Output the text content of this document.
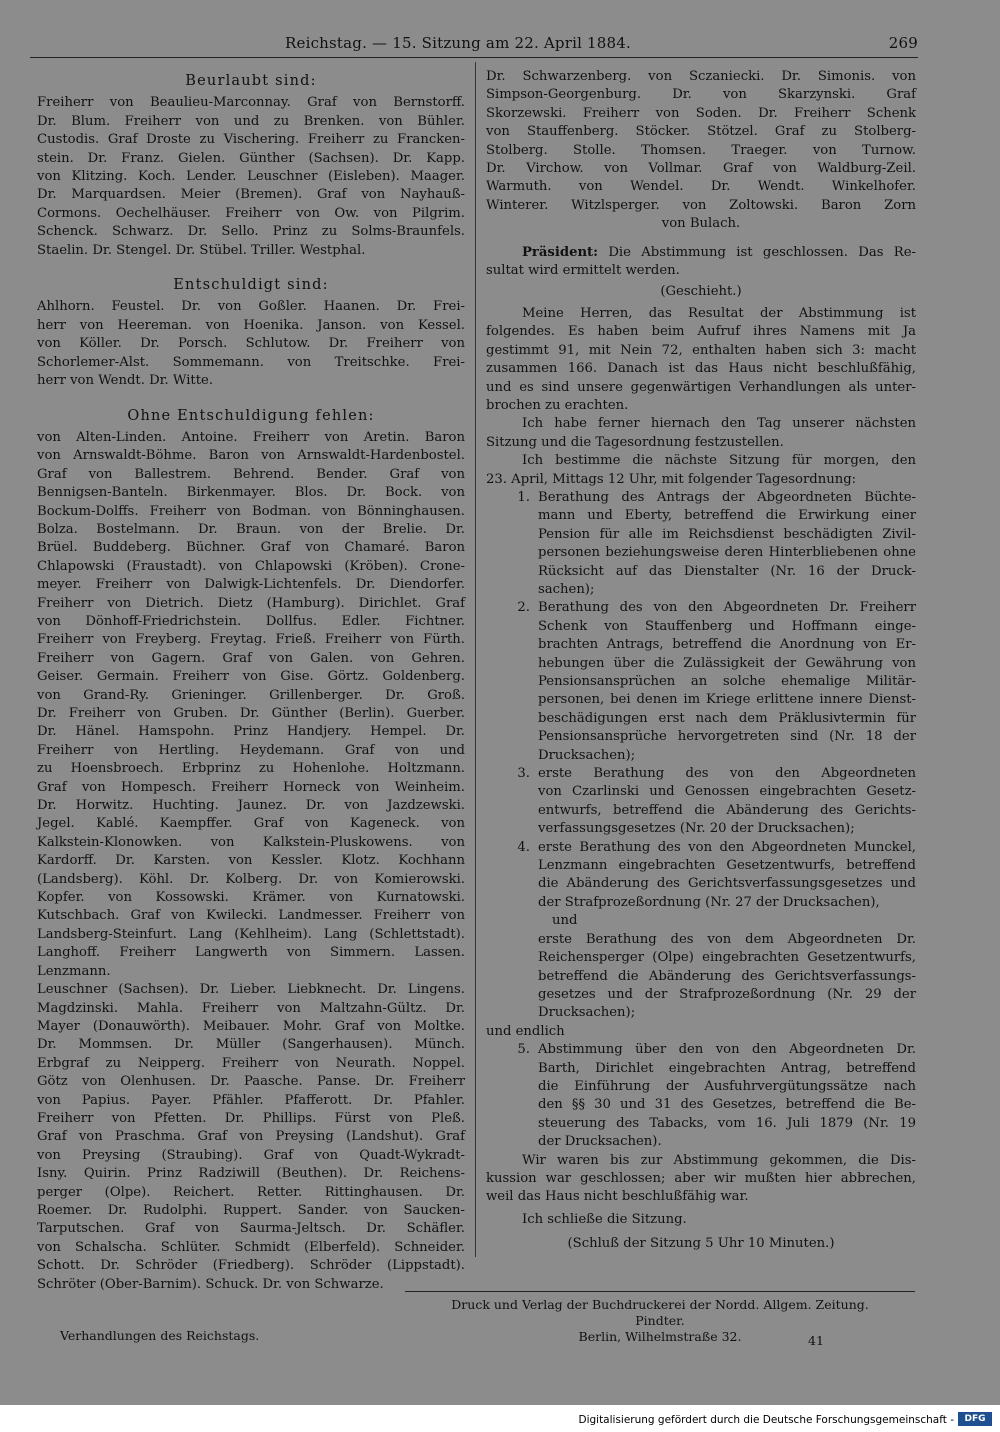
Reichstag. — 15. Sitzung am 22. April 1884.	269
Beurlaubt sind:

Freiherr von Beaulieu-Marconnay. Graf von Bernstorff.

Dr. Blum. Freiherr von und zu Brenken. von Bühler.

Custodis. Graf Droste zu Vischering. Freiherr zu Francken-

stein. Dr. Franz. Gielen. Günther (Sachsen). Dr. Kapp.

von Klitzing. Koch. Lender. Leuschner (Eisleben). Maager.

Dr. Marquardsen. Meier (Bremen). Graf von Nayhauß-

Cormons. Oechelhäuser. Freiherr von Ow. von Pilgrim.

Schenck. Schwarz. Dr. Sello. Prinz zu Solms-Braunfels.

Staelin. Dr. Stengel. Dr. Stübel. Triller. Westphal.

Entschuldigt sind:

Ahlhorn. Feustel. Dr. von Goßler. Haanen. Dr. Frei-

herr von Heereman. von Hoenika. Janson. von Kessel.

von Köller. Dr. Porsch. Schlutow. Dr. Freiherr von

Schorlemer-Alst. Sommemann. von Treitschke. Frei-

herr von Wendt. Dr. Witte.

Ohne Entschuldigung fehlen:

von Alten-Linden. Antoine. Freiherr von Aretin. Baron

von Arnswaldt-Böhme. Baron von Arnswaldt-Hardenbostel.

Graf von Ballestrem. Behrend. Bender. Graf von

Bennigsen-Banteln. Birkenmayer. Blos. Dr. Bock. von

Bockum-Dolffs. Freiherr von Bodman. von Bönninghausen.

Bolza. Bostelmann. Dr. Braun. von der Brelie. Dr.

Brüel. Buddeberg. Büchner. Graf von Chamaré. Baron

Chlapowski (Fraustadt). von Chlapowski (Kröben). Crone-

meyer. Freiherr von Dalwigk-Lichtenfels. Dr. Diendorfer.

Freiherr von Dietrich. Dietz (Hamburg). Dirichlet. Graf

von Dönhoff-Friedrichstein. Dollfus. Edler. Fichtner.

Freiherr von Freyberg. Freytag. Frieß. Freiherr von Fürth.

Freiherr von Gagern. Graf von Galen. von Gehren.

Geiser. Germain. Freiherr von Gise. Görtz. Goldenberg.

von Grand-Ry. Grieninger. Grillenberger. Dr. Groß.

Dr. Freiherr von Gruben. Dr. Günther (Berlin). Guerber.

Dr. Hänel. Hamspohn. Prinz Handjery. Hempel. Dr.

Freiherr von Hertling. Heydemann. Graf von und

zu Hoensbroech. Erbprinz zu Hohenlohe. Holtzmann.

Graf von Hompesch. Freiherr Horneck von Weinheim.

Dr. Horwitz. Huchting. Jaunez. Dr. von Jazdzewski.

Jegel. Kablé. Kaempffer. Graf von Kageneck. von

Kalkstein-Klonowken. von Kalkstein-Pluskowens. von

Kardorff. Dr. Karsten. von Kessler. Klotz. Kochhann

(Landsberg). Köhl. Dr. Kolberg. Dr. von Komierowski.

Kopfer. von Kossowski. Krämer. von Kurnatowski.

Kutschbach. Graf von Kwilecki. Landmesser. Freiherr von

Landsberg-Steinfurt. Lang (Kehlheim). Lang (Schlettstadt).

Langhoff. Freiherr Langwerth von Simmern. Lassen. Lenzmann.

Leuschner (Sachsen). Dr. Lieber. Liebknecht. Dr. Lingens.

Magdzinski. Mahla. Freiherr von Maltzahn-Gültz. Dr.

Mayer (Donauwörth). Meibauer. Mohr. Graf von Moltke.

Dr. Mommsen. Dr. Müller (Sangerhausen). Münch.

Erbgraf zu Neipperg. Freiherr von Neurath. Noppel.

Götz von Olenhusen. Dr. Paasche. Panse. Dr. Freiherr

von Papius. Payer. Pfähler. Pfafferott. Dr. Pfahler.

Freiherr von Pfetten. Dr. Phillips. Fürst von Pleß.

Graf von Praschma. Graf von Preysing (Landshut). Graf

von Preysing (Straubing). Graf von Quadt-Wykradt-

Isny. Quirin. Prinz Radziwill (Beuthen). Dr. Reichens-

perger (Olpe). Reichert. Retter. Rittinghausen. Dr.

Roemer. Dr. Rudolphi. Ruppert. Sander. von Saucken-

Tarputschen. Graf von Saurma-Jeltsch. Dr. Schäfler.

von Schalscha. Schlüter. Schmidt (Elberfeld). Schneider.

Schott. Dr. Schröder (Friedberg). Schröder (Lippstadt).

Schröter (Ober-Barnim). Schuck. Dr. von Schwarze.

Dr. Schwarzenberg. von Sczaniecki. Dr. Simonis. von

Simpson-Georgenburg. Dr. von Skarzynski. Graf

Skorzewski. Freiherr von Soden. Dr. Freiherr Schenk

von Stauffenberg. Stöcker. Stötzel. Graf zu Stolberg-

Stolberg. Stolle. Thomsen. Traeger. von Turnow.

Dr. Virchow. von Vollmar. Graf von Waldburg-Zeil.

Warmuth. von Wendel. Dr. Wendt. Winkelhofer.

Winterer. Witzlsperger. von Zoltowski. Baron Zorn

von Bulach.

Präsident: Die Abstimmung ist geschlossen. Das Re-

sultat wird ermittelt werden.

(Geschieht.)

Meine Herren, das Resultat der Abstimmung ist

folgendes. Es haben beim Aufruf ihres Namens mit Ja

gestimmt 91, mit Nein 72, enthalten haben sich 3: macht

zusammen 166. Danach ist das Haus nicht beschlußfähig,

und es sind unsere gegenwärtigen Verhandlungen als unter-

brochen zu erachten.

Ich habe ferner hiernach den Tag unserer nächsten

Sitzung und die Tagesordnung festzustellen.

Ich bestimme die nächste Sitzung für morgen, den

23. April, Mittags 12 Uhr, mit folgender Tagesordnung:

1. Berathung des Antrags der Abgeordneten Büchte-

mann und Eberty, betreffend die Erwirkung einer

Pension für alle im Reichsdienst beschädigten Zivil-

personen beziehungsweise deren Hinterbliebenen ohne

Rücksicht auf das Dienstalter (Nr. 16 der Druck-

sachen);

2. Berathung des von den Abgeordneten Dr. Freiherr

Schenk von Stauffenberg und Hoffmann einge-

brachten Antrags, betreffend die Anordnung von Er-

hebungen über die Zulässigkeit der Gewährung von

Pensionsansprüchen an solche ehemalige Militär-

personen, bei denen im Kriege erlittene innere Dienst-

beschädigungen erst nach dem Präklusivtermin für

Pensionsansprüche hervorgetreten sind (Nr. 18 der

Drucksachen);

3. erste Berathung des von den Abgeordneten

von Czarlinski und Genossen eingebrachten Gesetz-

entwurfs, betreffend die Abänderung des Gerichts-

verfassungsgesetzes (Nr. 20 der Drucksachen);

4. erste Berathung des von den Abgeordneten Munckel,

Lenzmann eingebrachten Gesetzentwurfs, betreffend

die Abänderung des Gerichtsverfassungsgesetzes und

der Strafprozeßordnung (Nr. 27 der Drucksachen),

und

erste Berathung des von dem Abgeordneten Dr.

Reichensperger (Olpe) eingebrachten Gesetzentwurfs,

betreffend die Abänderung des Gerichtsverfassungs-

gesetzes und der Strafprozeßordnung (Nr. 29 der

Drucksachen);

und endlich

5. Abstimmung über den von den Abgeordneten Dr.

Barth, Dirichlet eingebrachten Antrag, betreffend

die Einführung der Ausfuhrvergütungssätze nach

den §§ 30 und 31 des Gesetzes, betreffend die Be-

steuerung des Tabacks, vom 16. Juli 1879 (Nr. 19

der Drucksachen).

Wir waren bis zur Abstimmung gekommen, die Dis-

kussion war geschlossen; aber wir mußten hier abbrechen,

weil das Haus nicht beschlußfähig war.

Ich schließe die Sitzung.

(Schluß der Sitzung 5 Uhr 10 Minuten.)

Druck und Verlag der Buchdruckerei der Nordd. Allgem. Zeitung. Pindter.
Berlin, Wilhelmstraße 32.
Verhandlungen des Reichstags.	41
Digitalisierung gefördert durch die Deutsche Forschungsgemeinschaft -	DFG
